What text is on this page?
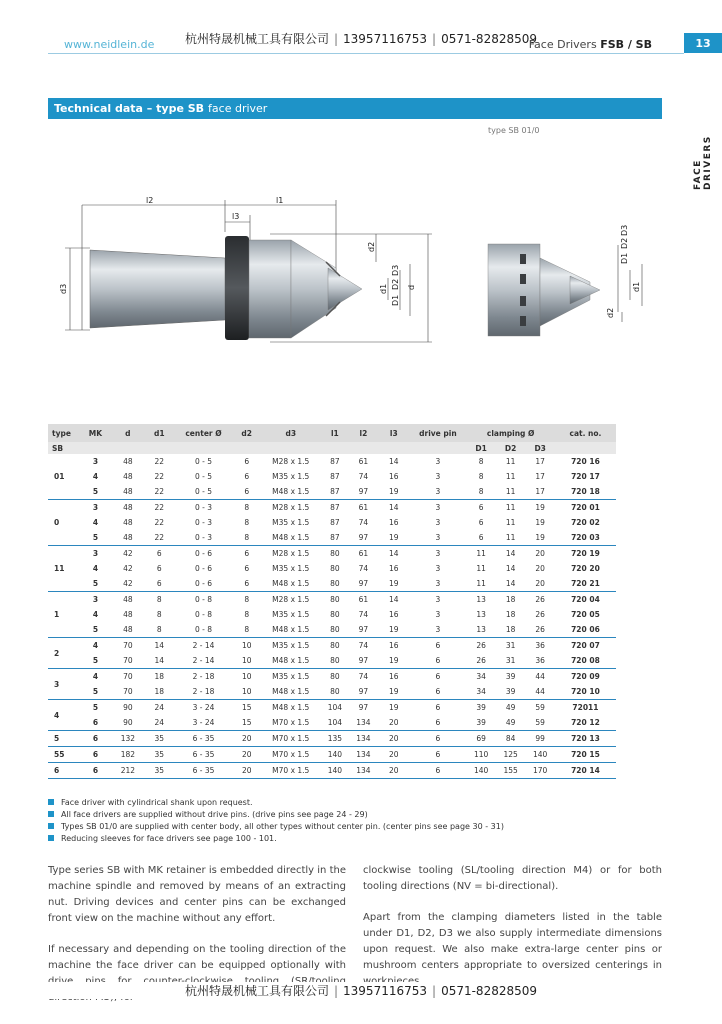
www.neidlein.de	杭州特晟机械工具有限公司 | 13957116753 | 0571-82828509
Face Drivers FSB / SB	13
FACE DRIVERS
Technical data – type SB face driver
type SB 01/0
l2	l1
l3
d3
d2
d1
D1
D2
D3
d
D1
D2
D3
d1
d2
type	MK	d	d1	center Ø	d2	d3	l1	l2	l3	drive pin	clamping Ø			cat. no.
SB											D1	D2	D3	
01	3	48	22	0 - 5	6	M28 x 1.5	87	61	14	3	8	11	17	720 16
	4	48	22	0 - 5	6	M35 x 1.5	87	74	16	3	8	11	17	720 17
	5	48	22	0 - 5	6	M48 x 1.5	87	97	19	3	8	11	17	720 18
0	3	48	22	0 - 3	8	M28 x 1.5	87	61	14	3	6	11	19	720 01
	4	48	22	0 - 3	8	M35 x 1.5	87	74	16	3	6	11	19	720 02
	5	48	22	0 - 3	8	M48 x 1.5	87	97	19	3	6	11	19	720 03
11	3	42	6	0 - 6	6	M28 x 1.5	80	61	14	3	11	14	20	720 19
	4	42	6	0 - 6	6	M35 x 1.5	80	74	16	3	11	14	20	720 20
	5	42	6	0 - 6	6	M48 x 1.5	80	97	19	3	11	14	20	720 21
1	3	48	8	0 - 8	8	M28 x 1.5	80	61	14	3	13	18	26	720 04
	4	48	8	0 - 8	8	M35 x 1.5	80	74	16	3	13	18	26	720 05
	5	48	8	0 - 8	8	M48 x 1.5	80	97	19	3	13	18	26	720 06
2	4	70	14	2 - 14	10	M35 x 1.5	80	74	16	6	26	31	36	720 07
	5	70	14	2 - 14	10	M48 x 1.5	80	97	19	6	26	31	36	720 08
3	4	70	18	2 - 18	10	M35 x 1.5	80	74	16	6	34	39	44	720 09
	5	70	18	2 - 18	10	M48 x 1.5	80	97	19	6	34	39	44	720 10
4	5	90	24	3 - 24	15	M48 x 1.5	104	97	19	6	39	49	59	72011
	6	90	24	3 - 24	15	M70 x 1.5	104	134	20	6	39	49	59	720 12
5	6	132	35	6 - 35	20	M70 x 1.5	135	134	20	6	69	84	99	720 13
55	6	182	35	6 - 35	20	M70 x 1.5	140	134	20	6	110	125	140	720 15
6	6	212	35	6 - 35	20	M70 x 1.5	140	134	20	6	140	155	170	720 14
Face driver with cylindrical shank upon request.
All face drivers are supplied without drive pins. (drive pins see page 24 - 29)
Types SB 01/0 are supplied with center body, all other types without center pin. (center pins see page 30 - 31)
Reducing sleeves for face drivers see page 100 - 101.

Type series SB with MK retainer is embedded directly in the machine spindle and removed by means of an extracting nut. Driving devices and center pins can be exchanged front view on the machine without any effort.

If necessary and depending on the tooling direction of the machine the face driver can be equipped optionally with

clockwise tooling (SL/tooling direction M4) or for both tooling directions (NV = bi-directional).

Apart from the clamping diameters listed in the table under D1, D2, D3 we also supply intermediate dimensions upon request. We also make extra-large center pins or mushroom centers appropriate to oversized centerings in

杭州特晟机械工具有限公司 | 13957116753 | 0571-82828509
